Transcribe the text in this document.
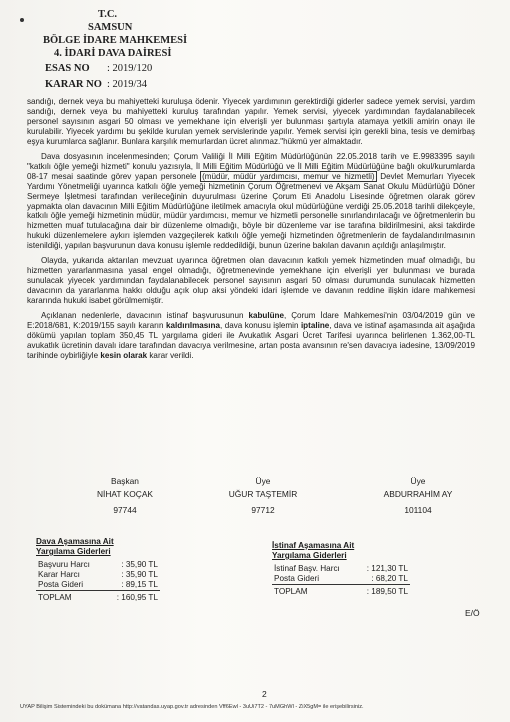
T.C.
SAMSUN
BÖLGE İDARE MAHKEMESİ
4. İDARİ DAVA DAİRESİ
ESAS NO : 2019/120
KARAR NO : 2019/34

sandığı, dernek veya bu mahiyetteki kuruluşa ödenir. Yiyecek yardımının gerektirdiği giderler sadece yemek servisi, yardım sandığı, dernek veya bu mahiyetteki kuruluş tarafından yapılır. Yemek servisi, yiyecek yardımından faydalanabilecek personel sayısının asgari 50 olması ve yemekhane için elverişli yer bulunması şartıyla atamaya yetkili amirin onayı ile kurulabilir. Yiyecek yardımı bu şekilde kurulan yemek servislerinde yapılır. Yemek servisi için gerekli bina, tesis ve demirbaş eşya kurumlarca sağlanır. Bunlara karşılık memurlardan ücret alınmaz."hükmü yer almaktadır.

Dava dosyasının incelenmesinden; Çorum Valiliği İl Milli Eğitim Müdürlüğünün 22.05.2018 tarih ve E.9983395 sayılı "katkılı öğle yemeği hizmeti" konulu yazısıyla, İl Milli Eğitim Müdürlüğü ve İl Milli Eğitim Müdürlüğüne bağlı okul/kurumlarda 08-17 mesai saatinde görev yapan personele (müdür, müdür yardımcısı, memur ve hizmetli) Devlet Memurları Yiyecek Yardımı Yönetmeliği uyarınca katkılı öğle yemeği hizmetinin Çorum Öğretmenevi ve Akşam Sanat Okulu Müdürlüğü Döner Sermeye İşletmesi tarafından verileceğinin duyurulması üzerine Çorum Eti Anadolu Lisesinde öğretmen olarak görev yapmakta olan davacının Milli Eğitim Müdürlüğüne iletilmek amacıyla okul müdürlüğüne verdiği 25.05.2018 tarihli dilekçeyle, katkılı öğle yemeği hizmetinin müdür, müdür yardımcısı, memur ve hizmetli personelle sınırlandırılacağı ve öğretmenlerin bu hizmetten muaf tutulacağına dair bir düzenleme olmadığı, böyle bir düzenleme var ise tarafına bildirilmesini, aksi takdirde hukuki düzenlemelere aykırı işlemden vazgeçilerek katkılı öğle yemeği hizmetinden öğretmenlerin de faydalandırılmasının istenildiği, yapılan başvurunun dava konusu işlemle reddedildiği, bunun üzerine bakılan davanın açıldığı anlaşılmıştır.

Olayda, yukarıda aktarılan mevzuat uyarınca öğretmen olan davacının katkılı yemek hizmetinden muaf olmadığı, bu hizmetten yararlanmasına yasal engel olmadığı, öğretmenevinde yemekhane için elverişli yer bulunması ve burada sunulacak yiyecek yardımından faydalanabilecek personel sayısının asgari 50 olması durumunda sunulacak hizmetten davacının da yararlanma hakkı olduğu açık olup aksi yöndeki idari işlemde ve davanın reddine ilişkin idare mahkemesi kararında hukuki isabet görülmemiştir.

Açıklanan nedenlerle, davacının istinaf başvurusunun kabulüne, Çorum İdare Mahkemesi'nin 03/04/2019 gün ve E:2018/681, K:2019/155 sayılı kararın kaldırılmasına, dava konusu işlemin iptaline, dava ve istinaf aşamasında ait aşağıda dökümü yapılan toplam 350,45 TL yargılama gideri ile Avukatlık Asgari Ücret Tarifesi uyarınca belirlenen 1.362,00-TL avukatlık ücretinin davalı idare tarafından davacıya verilmesine, artan posta avansının re'sen davacıya iadesine, 13/09/2019 tarihinde oybirliğiyle kesin olarak karar verildi.

Başkan
NİHAT KOÇAK
97744
Üye
UĞUR TAŞTEMİR
97712
Üye
ABDURRAHİM AY
101104
Dava Aşamasına Ait
Yargılama Giderleri
Başvuru Harcı	: 35,90 TL
Karar Harcı	: 35,90 TL
Posta Gideri	: 89,15 TL
TOPLAM	: 160,95 TL
İstinaf Aşamasına Ait
Yargılama Giderleri
İstinaf Başv. Harcı	: 121,30 TL
Posta Gideri	: 68,20 TL
TOPLAM	: 189,50 TL
E/Ö
2
UYAP Bilişim Sistemindeki bu dokümana http://vatandas.uyap.gov.tr adresinden Vff6Ewl - 3uUi7T2 - 7uMGhWl - ZiX5gM= ile erişebilirsiniz.
